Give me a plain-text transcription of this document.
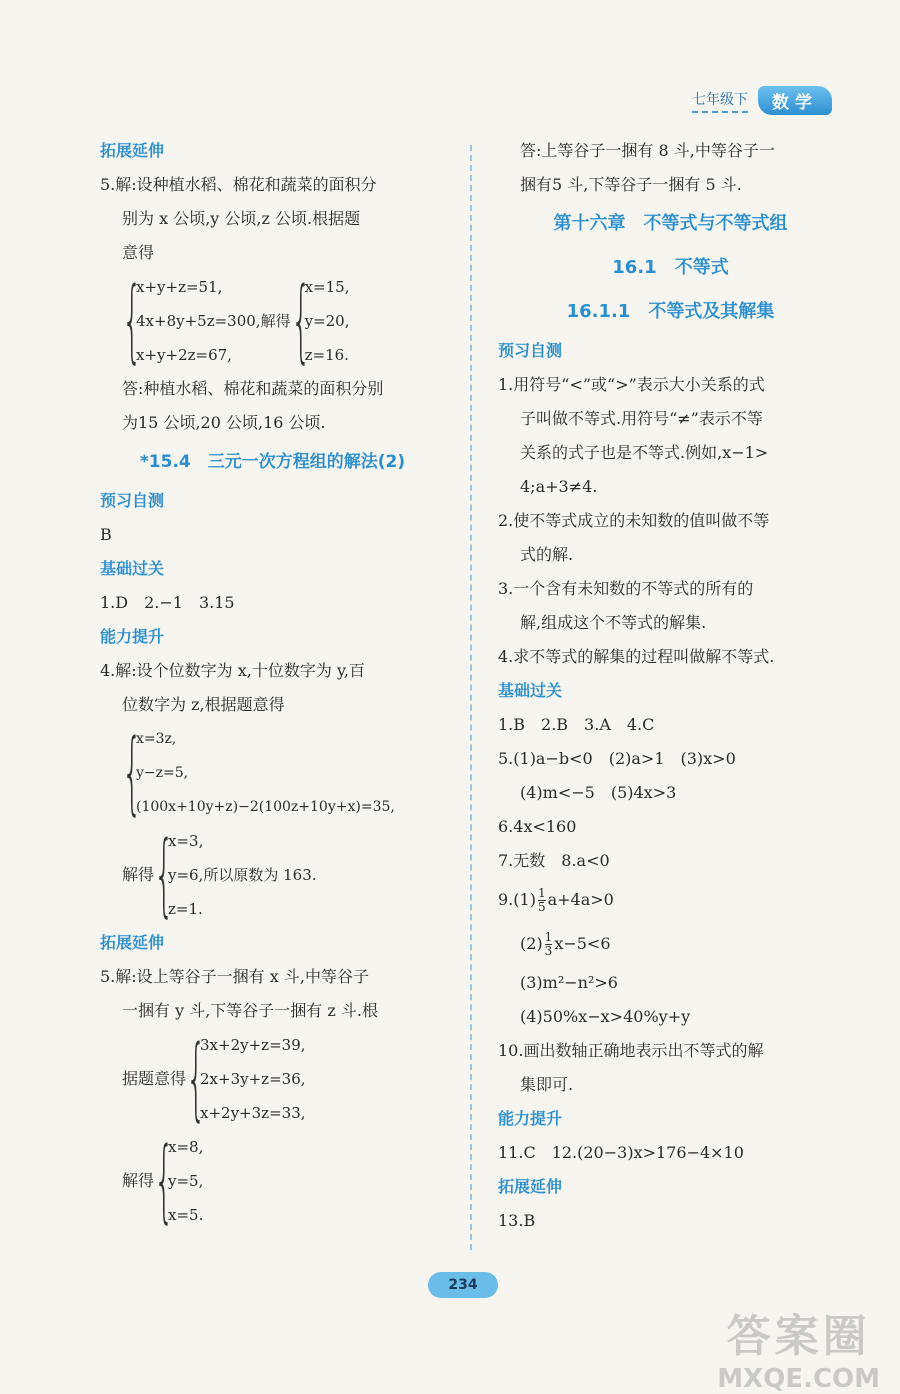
七年级下	数学
拓展延伸
5.解:设种植水稻、棉花和蔬菜的面积分
别为 x 公顷,y 公顷,z 公顷.根据题
意得
{
x+y+z=51,
4x+8y+5z=300,解得
x+y+2z=67, {
x=15,
y=20,
z=16.
答:种植水稻、棉花和蔬菜的面积分别
为15 公顷,20 公顷,16 公顷.
*15.4　三元一次方程组的解法(2)
预习自测
B
基础过关
1.D　2.−1　3.15
能力提升
4.解:设个位数字为 x,十位数字为 y,百
位数字为 z,根据题意得
{
x=3z,
y−z=5,
(100x+10y+z)−2(100z+10y+x)=35,
解得 {
x=3,
y=6,所以原数为 163.
z=1.
拓展延伸
5.解:设上等谷子一捆有 x 斗,中等谷子
一捆有 y 斗,下等谷子一捆有 z 斗.根
据题意得 {
3x+2y+z=39,
2x+3y+z=36,
x+2y+3z=33,
解得 {
x=8,
y=5,
x=5.
答:上等谷子一捆有 8 斗,中等谷子一
捆有5 斗,下等谷子一捆有 5 斗.
第十六章　不等式与不等式组
16.1　不等式
16.1.1　不等式及其解集
预习自测
1.用符号“<”或“>”表示大小关系的式
子叫做不等式.用符号“≠”表示不等
关系的式子也是不等式.例如,x−1>
4;a+3≠4.
2.使不等式成立的未知数的值叫做不等
式的解.
3.一个含有未知数的不等式的所有的
解,组成这个不等式的解集.
4.求不等式的解集的过程叫做解不等式.
基础过关
1.B　2.B　3.A　4.C
5.(1)a−b<0　(2)a>1　(3)x>0
(4)m<−5　(5)4x>3
6.4x<160
7.无数　8.a<0
$9.(1) \frac{1}{5} a+4a>0$
$(2) \frac{1}{3} x-5<6$
(3)m²−n²>6
(4)50%x−x>40%y+y
10.画出数轴正确地表示出不等式的解
集即可.
能力提升
11.C　12.(20−3)x>176−4×10
拓展延伸
13.B
234
答案圈
MXQE.COM
